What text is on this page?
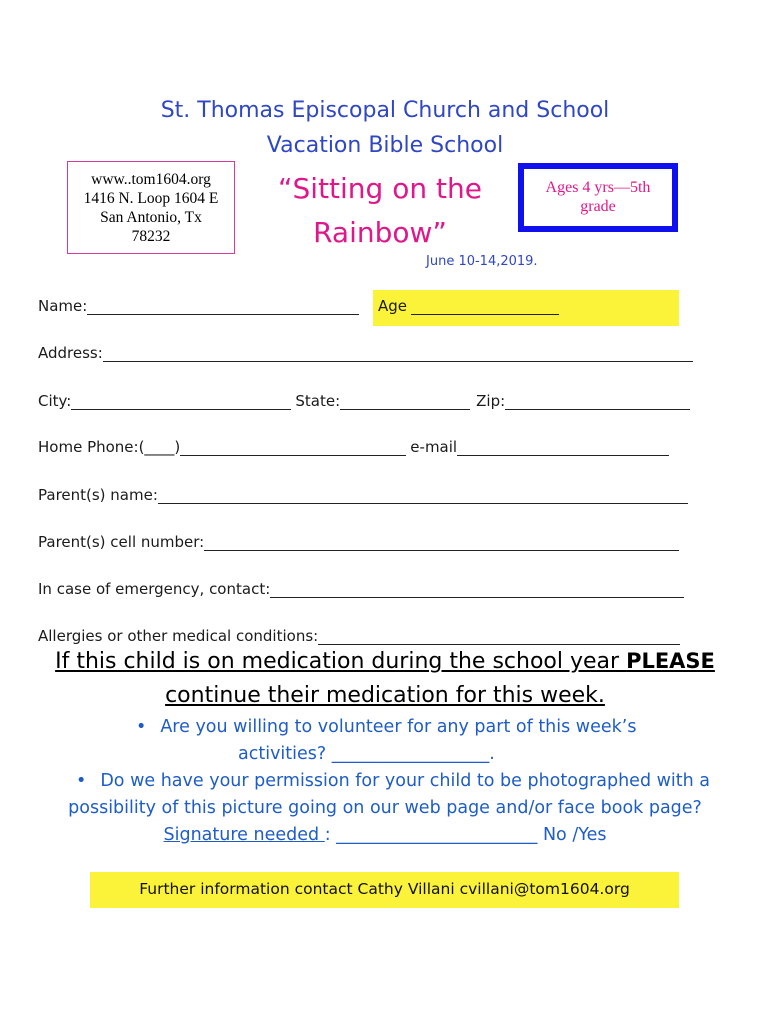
St. Thomas Episcopal Church and School
Vacation Bible School
www..tom1604.org
1416 N. Loop 1604 E
San Antonio, Tx
78232
“Sitting on the
Rainbow”
Ages 4 yrs—5th
grade
June 10-14,2019.
Name:	Age
Address:
City:	State:	Zip:
Home Phone:(____)	e-mail
Parent(s) name:
Parent(s) cell number:
In case of emergency, contact:
Allergies or other medical conditions:
If this child is on medication during the school year PLEASE
continue their medication for this week.
• Are you willing to volunteer for any part of this week’s
activities? __________________.
• Do we have your permission for your child to be photographed with a
possibility of this picture going on our web page and/or face book page?
Signature needed : _______________________ No /Yes
Further information contact Cathy Villani cvillani@tom1604.org
